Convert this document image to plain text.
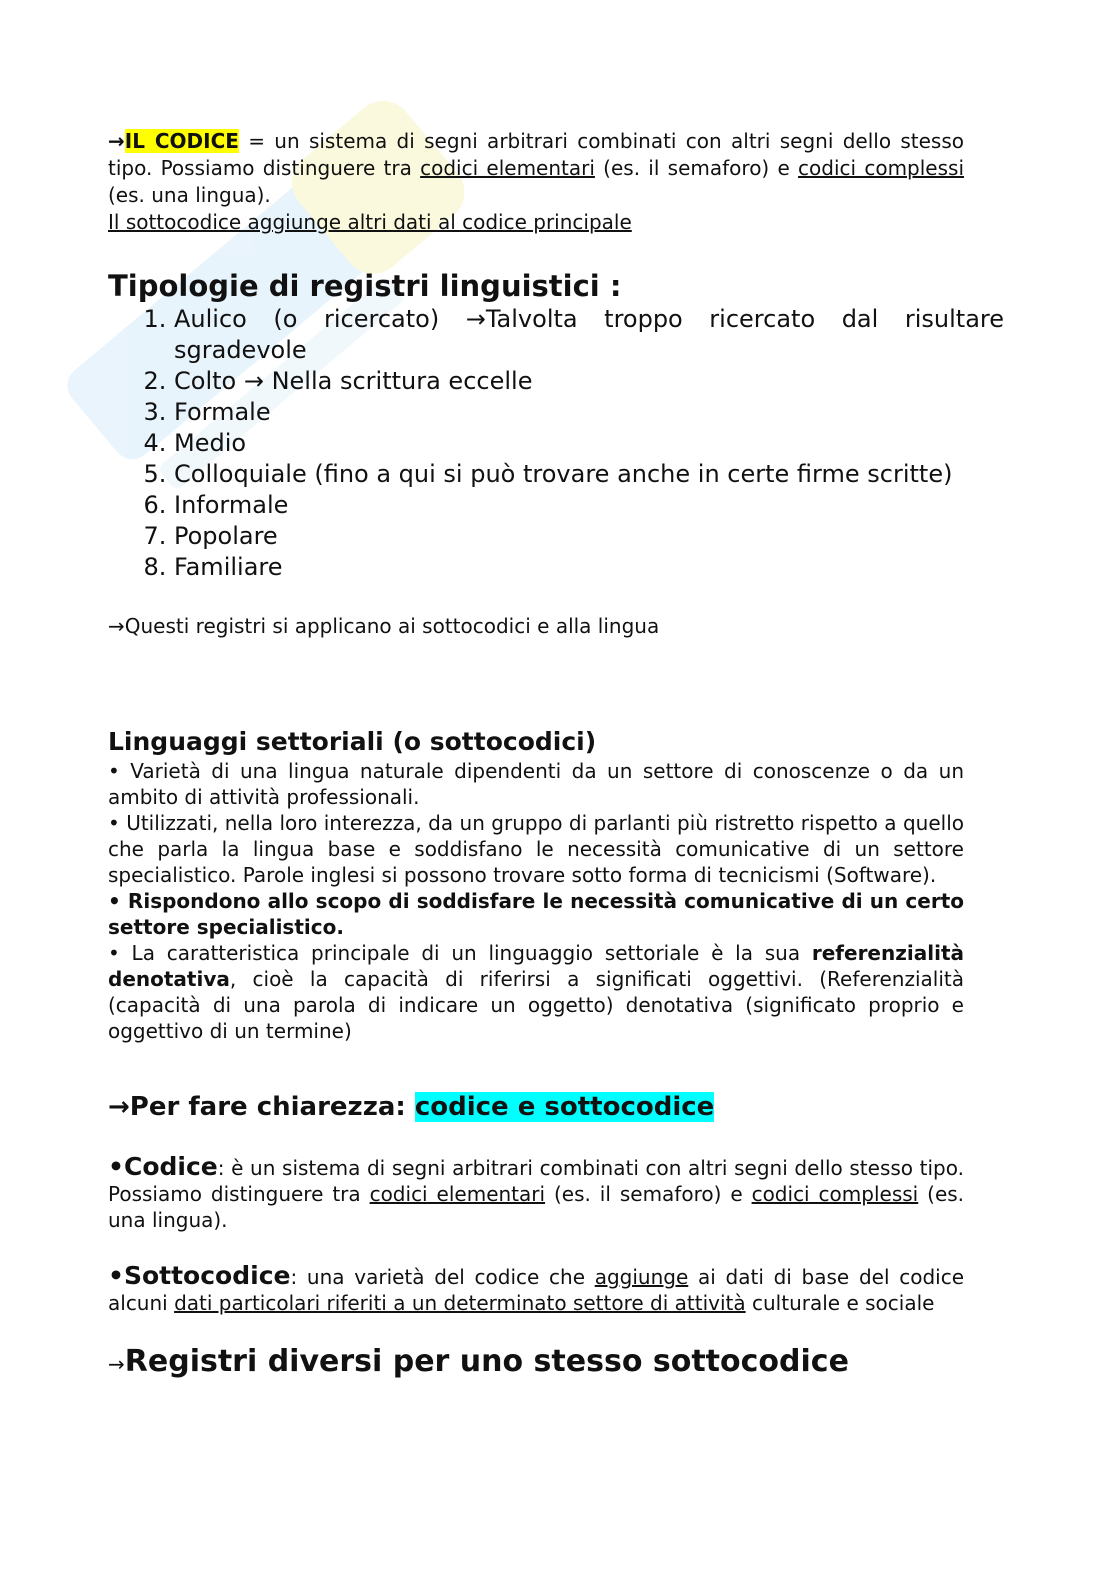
→IL CODICE = un sistema di segni arbitrari combinati con altri segni dello stesso tipo. Possiamo distinguere tra codici elementari (es. il semaforo) e codici complessi (es. una lingua).

Il sottocodice aggiunge altri dati al codice principale

Tipologie di registri linguistici :
1. Aulico (o ricercato) →Talvolta troppo ricercato dal risultare sgradevole
2. Colto → Nella scrittura eccelle
3. Formale
4. Medio
5. Colloquiale (fino a qui si può trovare anche in certe firme scritte)
6. Informale
7. Popolare
8. Familiare

→Questi registri si applicano ai sottocodici e alla lingua

Linguaggi settoriali (o sottocodici)

• Varietà di una lingua naturale dipendenti da un settore di conoscenze o da un ambito di attività professionali.

• Utilizzati, nella loro interezza, da un gruppo di parlanti più ristretto rispetto a quello che parla la lingua base e soddisfano le necessità comunicative di un settore specialistico. Parole inglesi si possono trovare sotto forma di tecnicismi (Software).

• Rispondono allo scopo di soddisfare le necessità comunicative di un certo settore specialistico.

• La caratteristica principale di un linguaggio settoriale è la sua referenzialità denotativa, cioè la capacità di riferirsi a significati oggettivi. (Referenzialità (capacità di una parola di indicare un oggetto) denotativa (significato proprio e oggettivo di un termine)

→Per fare chiarezza: codice e sottocodice

•Codice: è un sistema di segni arbitrari combinati con altri segni dello stesso tipo. Possiamo distinguere tra codici elementari (es. il semaforo) e codici complessi (es. una lingua).

•Sottocodice: una varietà del codice che aggiunge ai dati di base del codice alcuni dati particolari riferiti a un determinato settore di attività culturale e sociale

→Registri diversi per uno stesso sottocodice
